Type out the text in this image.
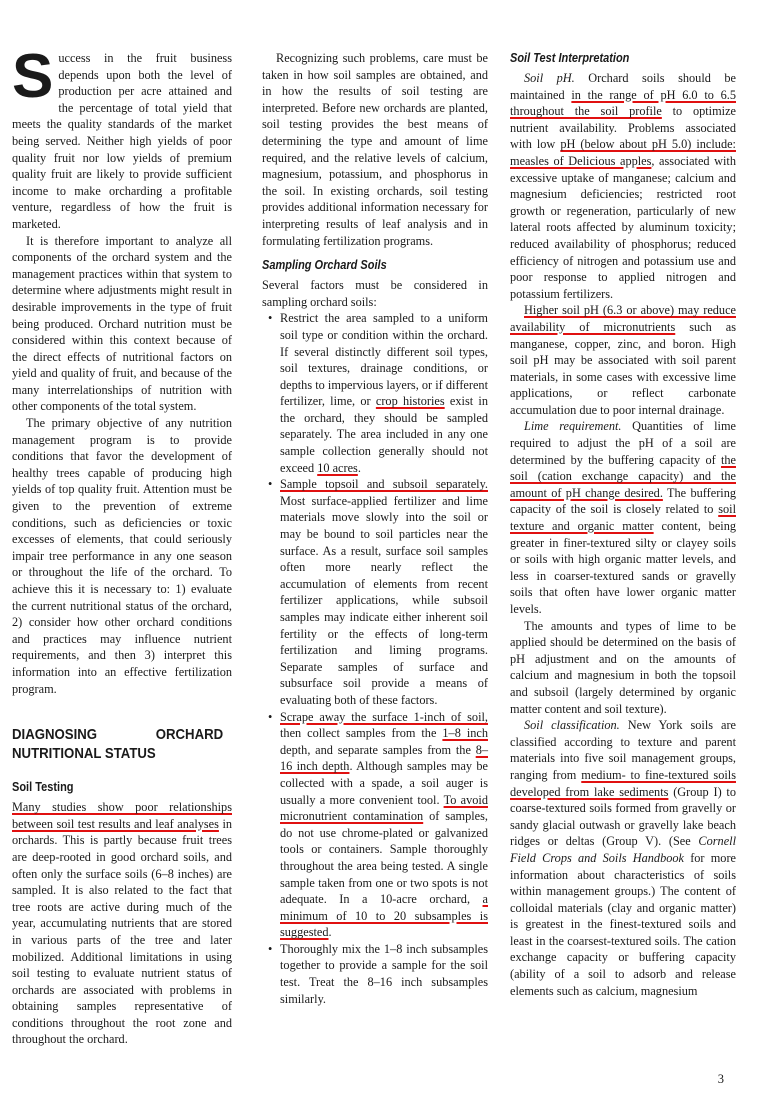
Success in the fruit business depends upon both the level of production per acre attained and the percentage of total yield that meets the quality standards of the market being served. Neither high yields of poor quality fruit nor low yields of premium quality fruit are likely to provide sufficient income to make orcharding a profitable venture, regardless of how the fruit is marketed.

It is therefore important to analyze all components of the orchard system and the management practices within that system to determine where adjustments might result in desirable improvements in the type of fruit being produced. Orchard nutrition must be considered within this context because of the direct effects of nutritional factors on yield and quality of fruit, and because of the many interrelationships of nutrition with other components of the total system.

The primary objective of any nutrition management program is to provide conditions that favor the development of healthy trees capable of producing high yields of top quality fruit. Attention must be given to the prevention of extreme conditions, such as deficiencies or toxic excesses of elements, that could seriously impair tree performance in any one season or throughout the life of the orchard. To achieve this it is necessary to: 1) evaluate the current nutritional status of the orchard, 2) consider how other orchard conditions and practices may influence nutrient requirements, and then 3) interpret this information into an effective fertilization program.

DIAGNOSING ORCHARD NUTRITIONAL STATUS
Soil Testing

Many studies show poor relationships between soil test results and leaf analyses in orchards. This is partly because fruit trees are deep-rooted in good orchard soils, and often only the surface soils (6–8 inches) are sampled. It is also related to the fact that tree roots are active during much of the year, accumulating nutrients that are stored in various parts of the tree and later mobilized. Additional limitations in using soil testing to evaluate nutrient status of orchards are associated with problems in obtaining samples representative of conditions throughout the root zone and throughout the orchard.

Recognizing such problems, care must be taken in how soil samples are obtained, and in how the results of soil testing are interpreted. Before new orchards are planted, soil testing provides the best means of determining the type and amount of lime required, and the relative levels of calcium, magnesium, potassium, and phosphorus in the soil. In existing orchards, soil testing provides additional information necessary for interpreting results of leaf analysis and in formulating fertilization programs.

Sampling Orchard Soils

Several factors must be considered in sampling orchard soils:

• Restrict the area sampled to a uniform soil type or condition within the orchard. If several distinctly different soil types, soil textures, drainage conditions, or depths to impervious layers, or if different fertilizer, lime, or crop histories exist in the orchard, they should be sampled separately. The area included in any one sample collection generally should not exceed 10 acres.
• Sample topsoil and subsoil separately. Most surface-applied fertilizer and lime materials move slowly into the soil or may be bound to soil particles near the surface. As a result, surface soil samples often more nearly reflect the accumulation of elements from recent fertilizer applications, while subsoil samples may indicate either inherent soil fertility or the effects of long-term fertilization and liming programs. Separate samples of surface and subsurface soil provide a means of evaluating both of these factors.
• Scrape away the surface 1-inch of soil, then collect samples from the 1–8 inch depth, and separate samples from the 8–16 inch depth. Although samples may be collected with a spade, a soil auger is usually a more convenient tool. To avoid micronutrient contamination of samples, do not use chrome-plated or galvanized tools or containers. Sample thoroughly throughout the area being tested. A single sample taken from one or two spots is not adequate. In a 10-acre orchard, a minimum of 10 to 20 subsamples is suggested.
• Thoroughly mix the 1–8 inch subsamples together to provide a sample for the soil test. Treat the 8–16 inch subsamples similarly.
Soil Test Interpretation

Soil pH. Orchard soils should be maintained in the range of pH 6.0 to 6.5 throughout the soil profile to optimize nutrient availability. Problems associated with low pH (below about pH 5.0) include: measles of Delicious apples, associated with excessive uptake of manganese; calcium and magnesium deficiencies; restricted root growth or regeneration, particularly of new lateral roots affected by aluminum toxicity; reduced availability of phosphorus; reduced efficiency of nitrogen and potassium use and poor response to applied nitrogen and potassium fertilizers.

Higher soil pH (6.3 or above) may reduce availability of micronutrients such as manganese, copper, zinc, and boron. High soil pH may be associated with soil parent materials, in some cases with excessive lime applications, or reflect carbonate accumulation due to poor internal drainage.

Lime requirement. Quantities of lime required to adjust the pH of a soil are determined by the buffering capacity of the soil (cation exchange capacity) and the amount of pH change desired. The buffering capacity of the soil is closely related to soil texture and organic matter content, being greater in finer-textured silty or clayey soils or soils with high organic matter levels, and less in coarser-textured sands or gravelly soils that often have lower organic matter levels.

The amounts and types of lime to be applied should be determined on the basis of pH adjustment and on the amounts of calcium and magnesium in both the topsoil and subsoil (largely determined by organic matter content and soil texture).

Soil classification. New York soils are classified according to texture and parent materials into five soil management groups, ranging from medium- to fine-textured soils developed from lake sediments (Group I) to coarse-textured soils formed from gravelly or sandy glacial outwash or gravelly lake beach ridges or deltas (Group V). (See Cornell Field Crops and Soils Handbook for more information about characteristics of soils within management groups.) The content of colloidal materials (clay and organic matter) is greatest in the finest-textured soils and least in the coarsest-textured soils. The cation exchange capacity or buffering capacity (ability of a soil to adsorb and release elements such as calcium, magnesium

3
